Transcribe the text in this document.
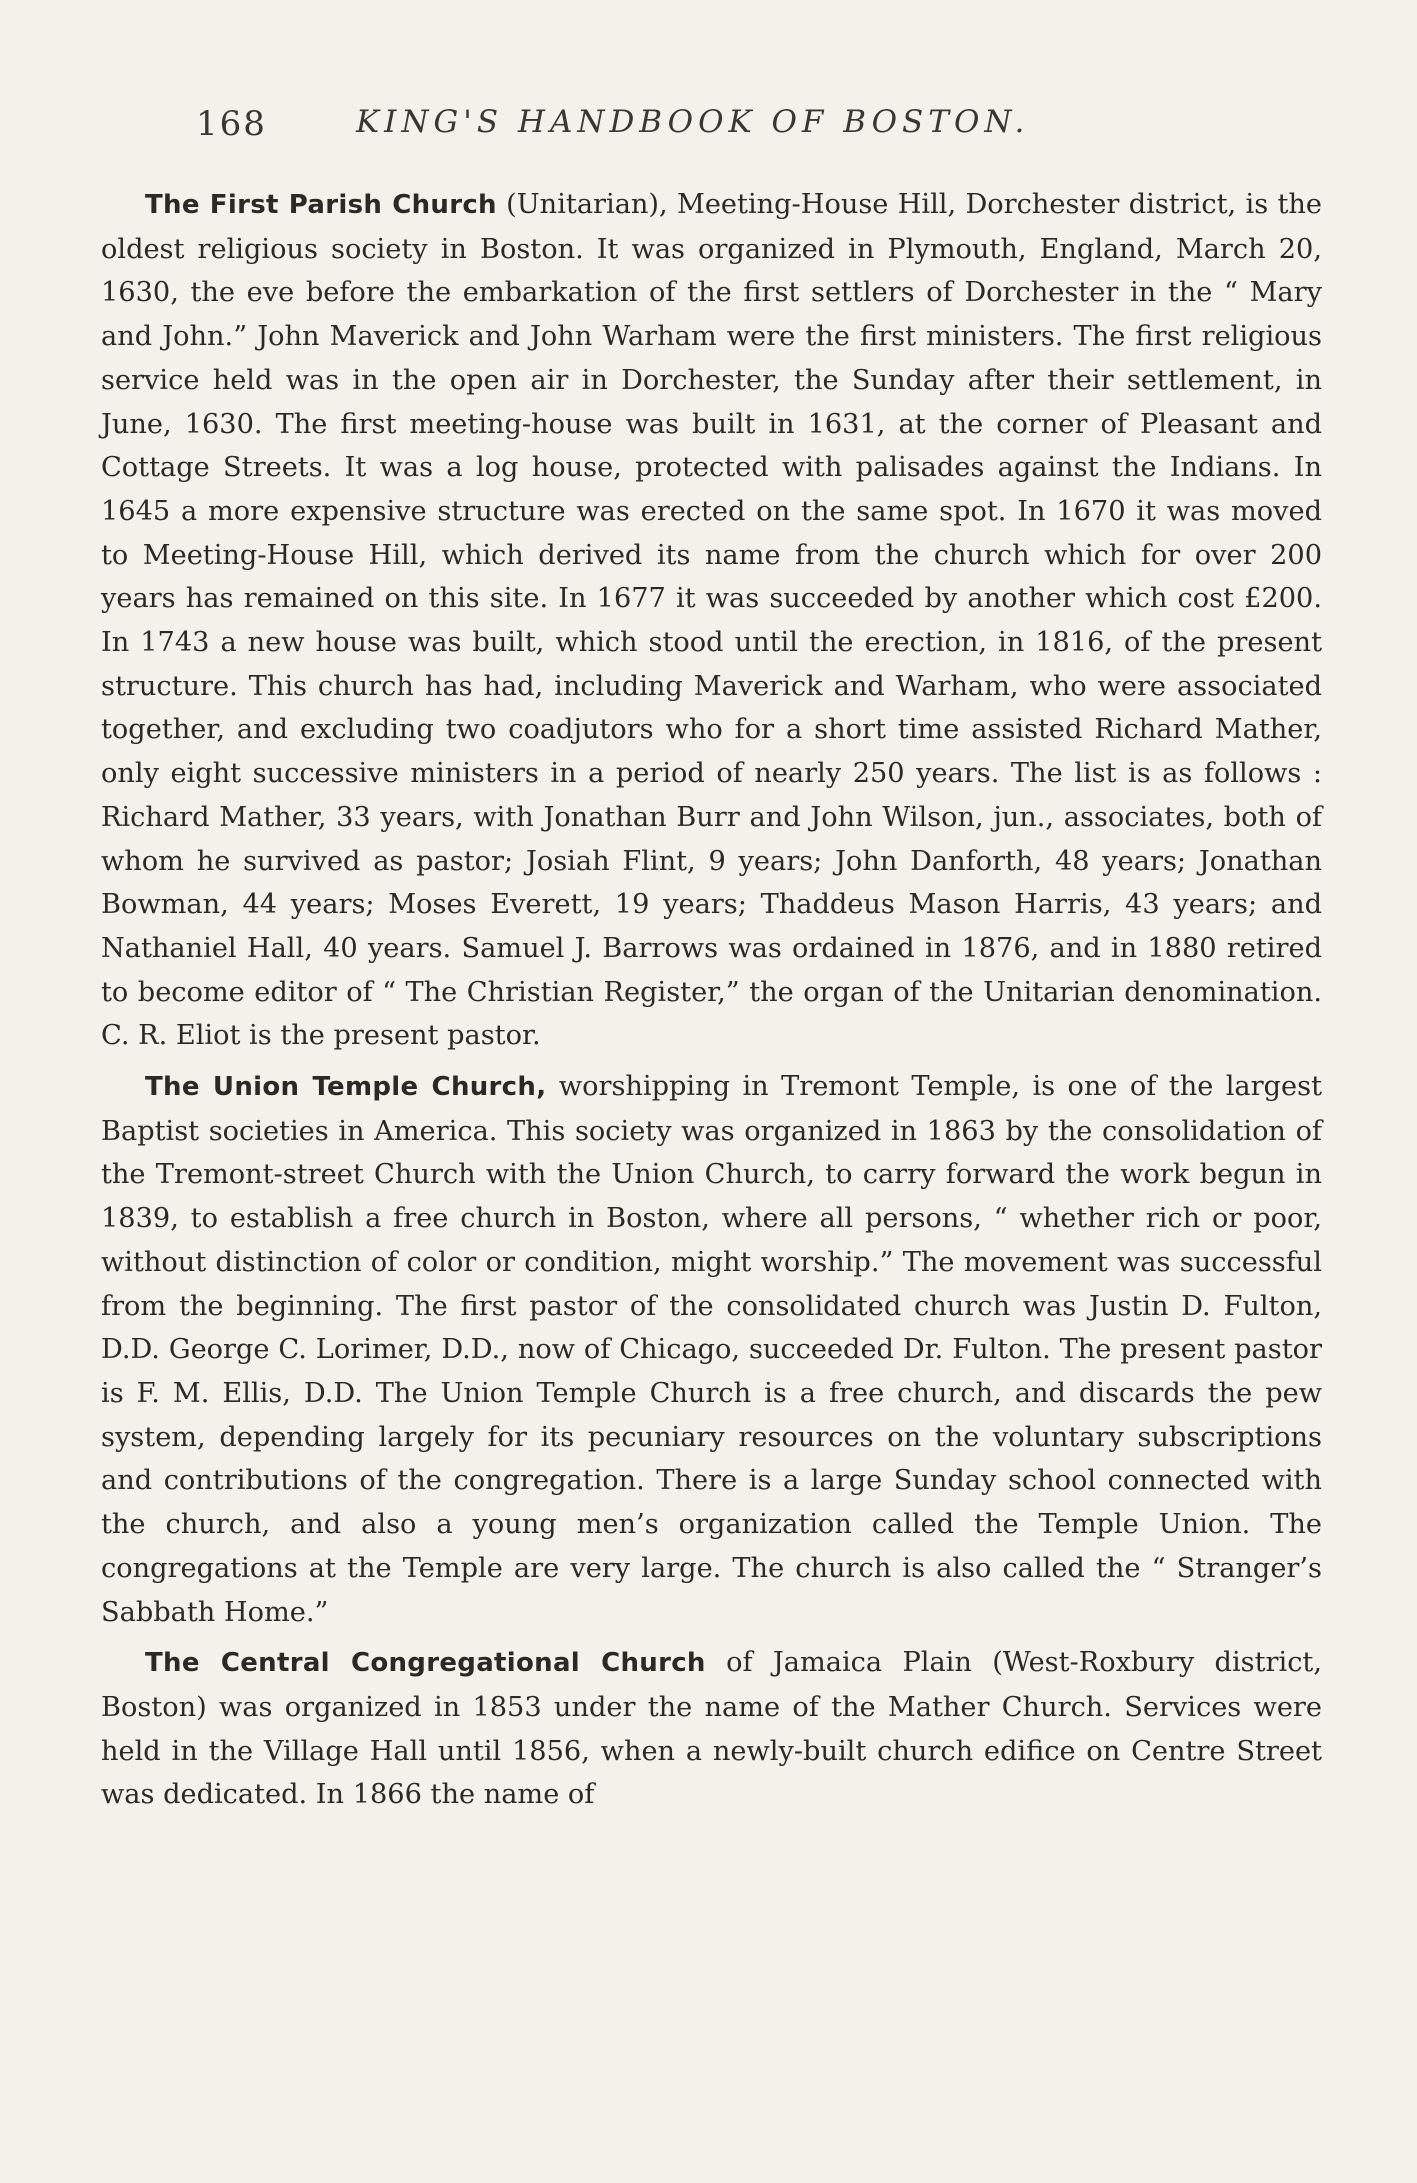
168	KING'S HANDBOOK OF BOSTON.

The First Parish Church (Unitarian), Meeting-House Hill, Dorchester district, is the oldest religious society in Boston. It was organized in Plymouth, England, March 20, 1630, the eve before the embarkation of the first settlers of Dorchester in the “ Mary and John.” John Maverick and John Warham were the first ministers. The first religious service held was in the open air in Dorchester, the Sunday after their settlement, in June, 1630. The first meeting-house was built in 1631, at the corner of Pleasant and Cottage Streets. It was a log house, protected with palisades against the Indians. In 1645 a more expensive structure was erected on the same spot. In 1670 it was moved to Meeting-House Hill, which derived its name from the church which for over 200 years has remained on this site. In 1677 it was succeeded by another which cost £200. In 1743 a new house was built, which stood until the erection, in 1816, of the present structure. This church has had, including Maverick and Warham, who were associated together, and excluding two coadjutors who for a short time assisted Richard Mather, only eight successive ministers in a period of nearly 250 years. The list is as follows : Richard Mather, 33 years, with Jonathan Burr and John Wilson, jun., associates, both of whom he survived as pastor; Josiah Flint, 9 years; John Danforth, 48 years; Jonathan Bowman, 44 years; Moses Everett, 19 years; Thaddeus Mason Harris, 43 years; and Nathaniel Hall, 40 years. Samuel J. Barrows was ordained in 1876, and in 1880 retired to become editor of “ The Christian Register,” the organ of the Unitarian denomination. C. R. Eliot is the present pastor.

The Union Temple Church, worshipping in Tremont Temple, is one of the largest Baptist societies in America. This society was organized in 1863 by the consolidation of the Tremont-street Church with the Union Church, to carry forward the work begun in 1839, to establish a free church in Boston, where all persons, “ whether rich or poor, without distinction of color or condition, might worship.” The movement was successful from the beginning. The first pastor of the consolidated church was Justin D. Fulton, D.D. George C. Lorimer, D.D., now of Chicago, succeeded Dr. Fulton. The present pastor is F. M. Ellis, D.D. The Union Temple Church is a free church, and discards the pew system, depending largely for its pecuniary resources on the voluntary subscriptions and contributions of the congregation. There is a large Sunday school connected with the church, and also a young men’s organization called the Temple Union. The congregations at the Temple are very large. The church is also called the “ Stranger’s Sabbath Home.”

The Central Congregational Church of Jamaica Plain (West-Roxbury district, Boston) was organized in 1853 under the name of the Mather Church. Services were held in the Village Hall until 1856, when a newly-built church edifice on Centre Street was dedicated. In 1866 the name of
